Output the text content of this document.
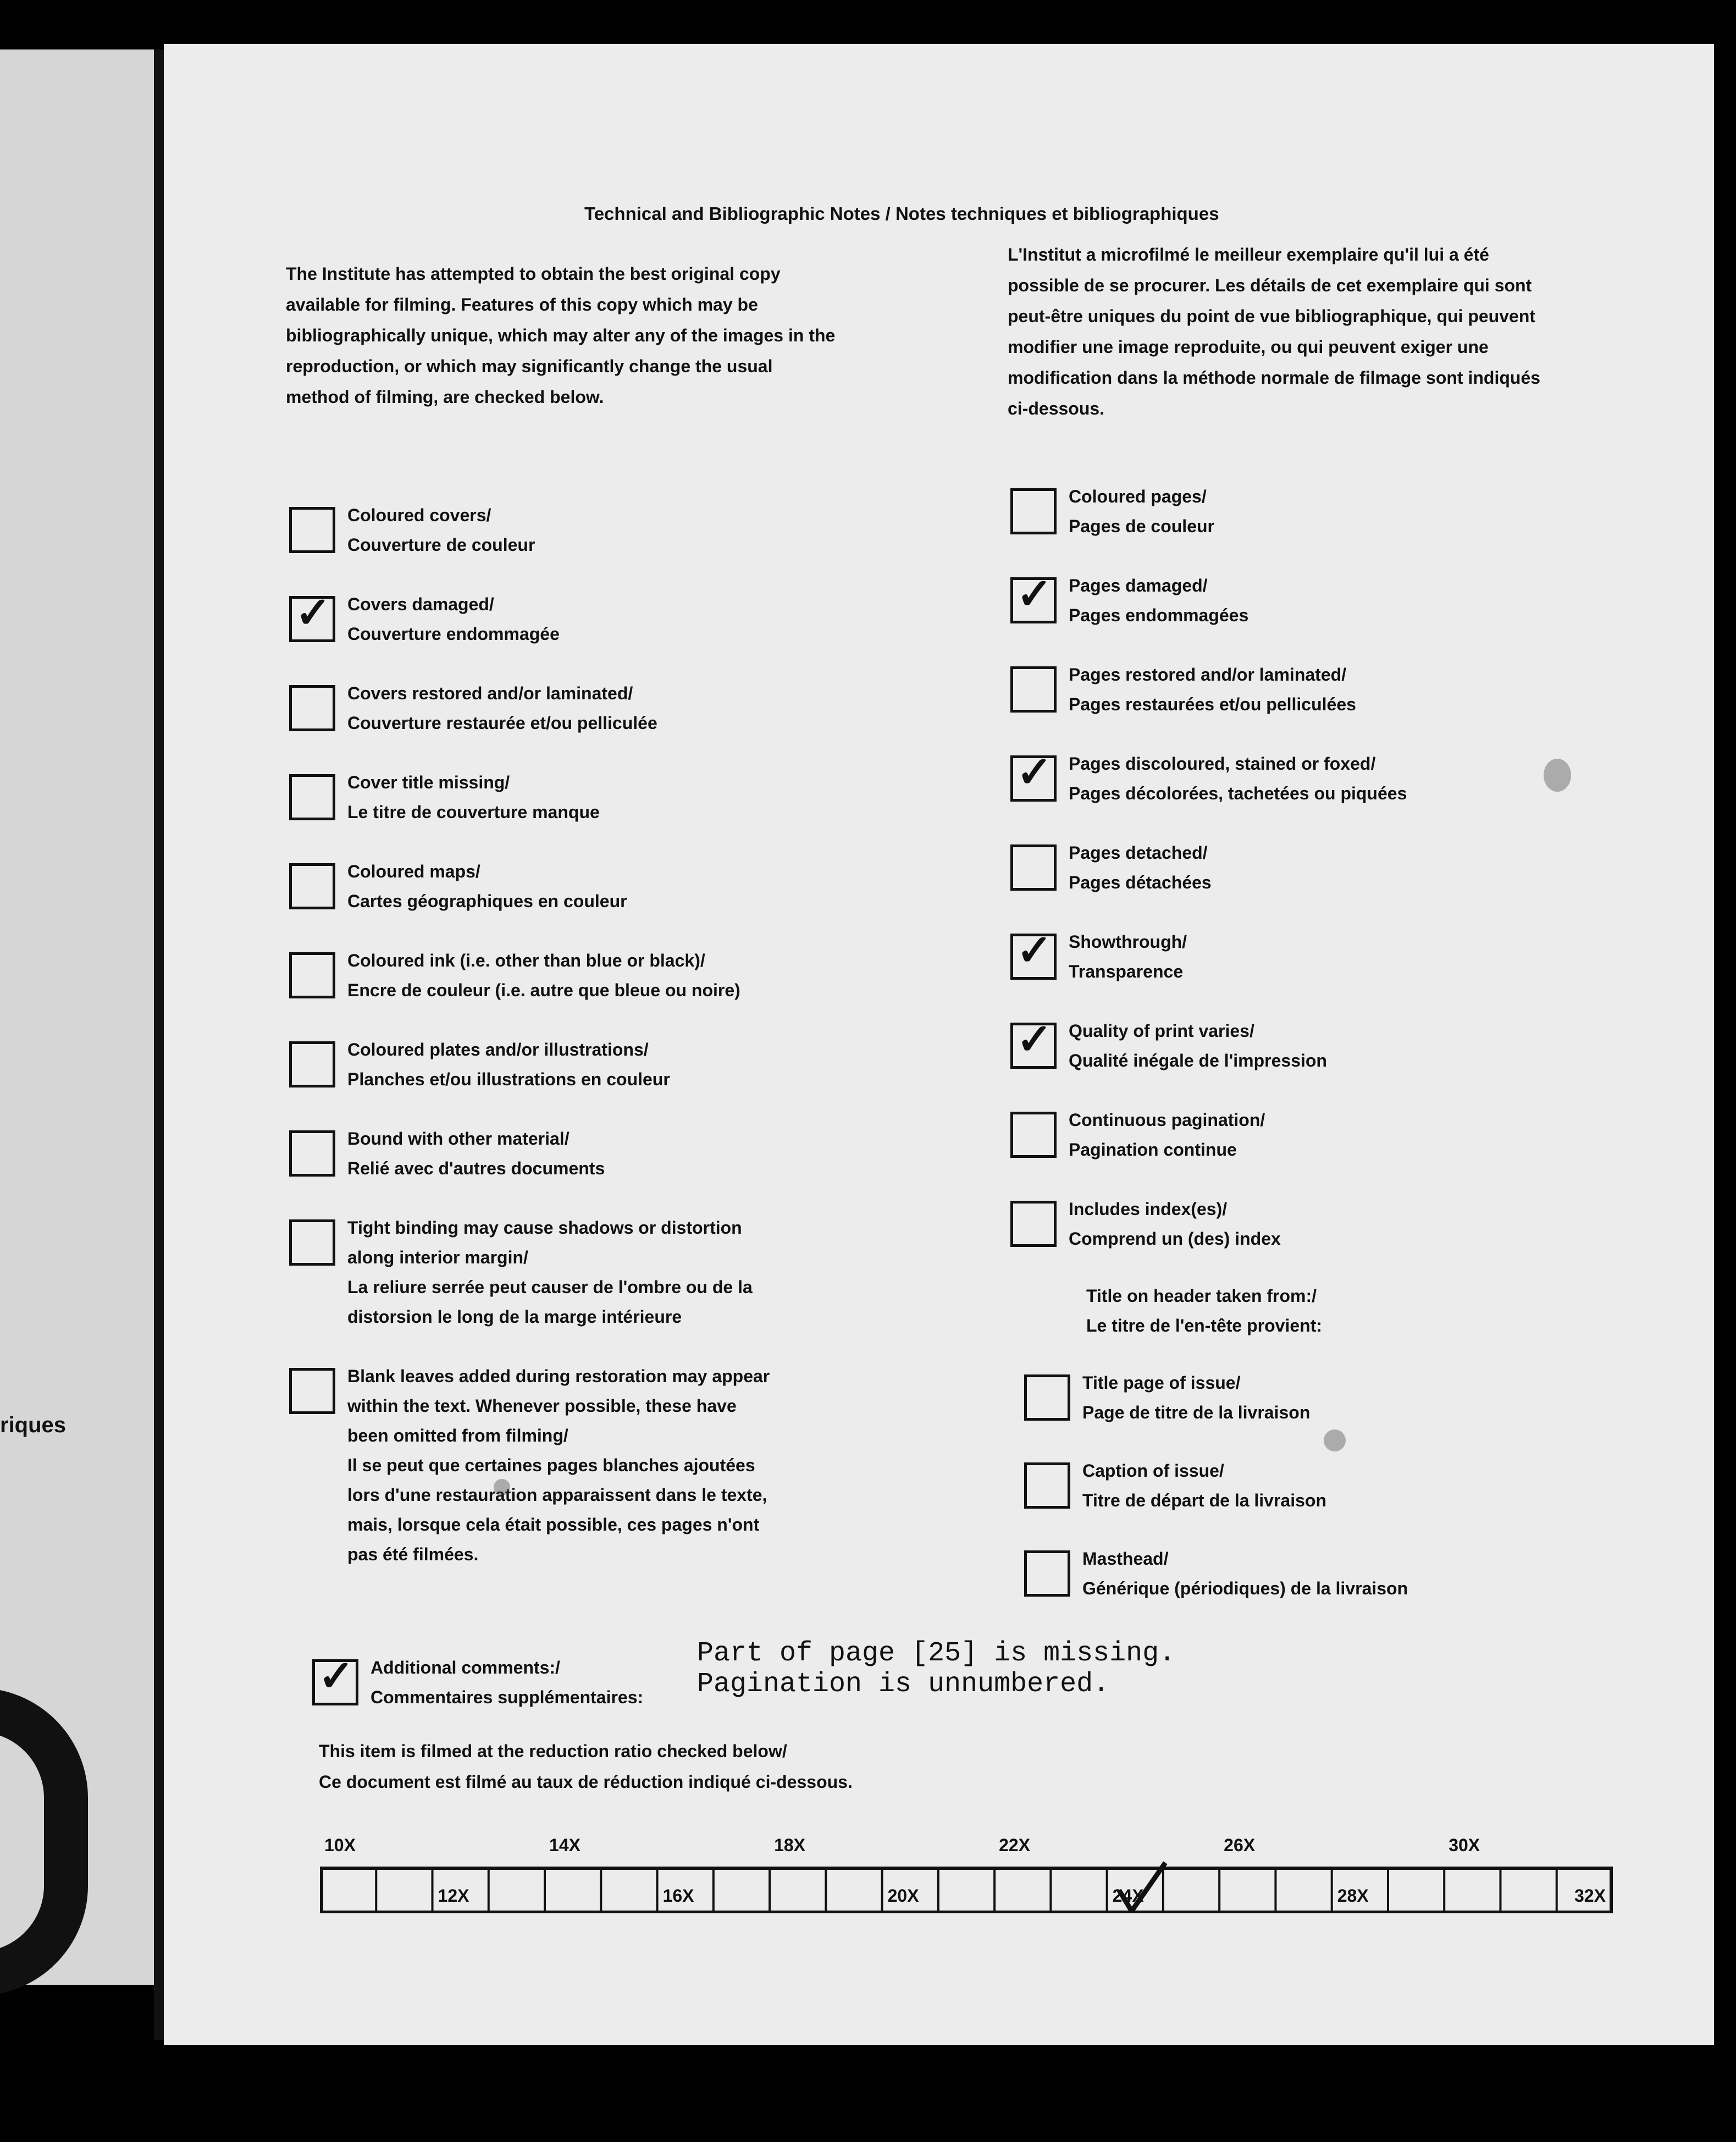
riques
Technical and Bibliographic Notes / Notes techniques et bibliographiques
The Institute has attempted to obtain the best original copy available for filming. Features of this copy which may be bibliographically unique, which may alter any of the images in the reproduction, or which may significantly change the usual method of filming, are checked below.
L'Institut a microfilmé le meilleur exemplaire qu'il lui a été possible de se procurer. Les détails de cet exemplaire qui sont peut-être uniques du point de vue bibliographique, qui peuvent modifier une image reproduite, ou qui peuvent exiger une modification dans la méthode normale de filmage sont indiqués ci-dessous.
Coloured covers/
Couverture de couleur
✓ Covers damaged/
Couverture endommagée
Covers restored and/or laminated/
Couverture restaurée et/ou pelliculée
Cover title missing/
Le titre de couverture manque
Coloured maps/
Cartes géographiques en couleur
Coloured ink (i.e. other than blue or black)/
Encre de couleur (i.e. autre que bleue ou noire)
Coloured plates and/or illustrations/
Planches et/ou illustrations en couleur
Bound with other material/
Relié avec d'autres documents
Tight binding may cause shadows or distortion
along interior margin/
La reliure serrée peut causer de l'ombre ou de la
distorsion le long de la marge intérieure
Blank leaves added during restoration may appear
within the text. Whenever possible, these have
been omitted from filming/
Il se peut que certaines pages blanches ajoutées
lors d'une restauration apparaissent dans le texte,
mais, lorsque cela était possible, ces pages n'ont
pas été filmées.
Coloured pages/
Pages de couleur
✓ Pages damaged/
Pages endommagées
Pages restored and/or laminated/
Pages restaurées et/ou pelliculées
✓ Pages discoloured, stained or foxed/
Pages décolorées, tachetées ou piquées
Pages detached/
Pages détachées
✓ Showthrough/
Transparence
✓ Quality of print varies/
Qualité inégale de l'impression
Continuous pagination/
Pagination continue
Includes index(es)/
Comprend un (des) index
Title on header taken from:/
Le titre de l'en-tête provient:
Title page of issue/
Page de titre de la livraison
Caption of issue/
Titre de départ de la livraison
Masthead/
Générique (périodiques) de la livraison
✓ Additional comments:/
Commentaires supplémentaires:
Part of page [25] is missing.
Pagination is unnumbered.
This item is filmed at the reduction ratio checked below/
Ce document est filmé au taux de réduction indiqué ci-dessous.
10X	14X	18X	22X	26X	30X
12X	16X	20X	24X	28X	32X
